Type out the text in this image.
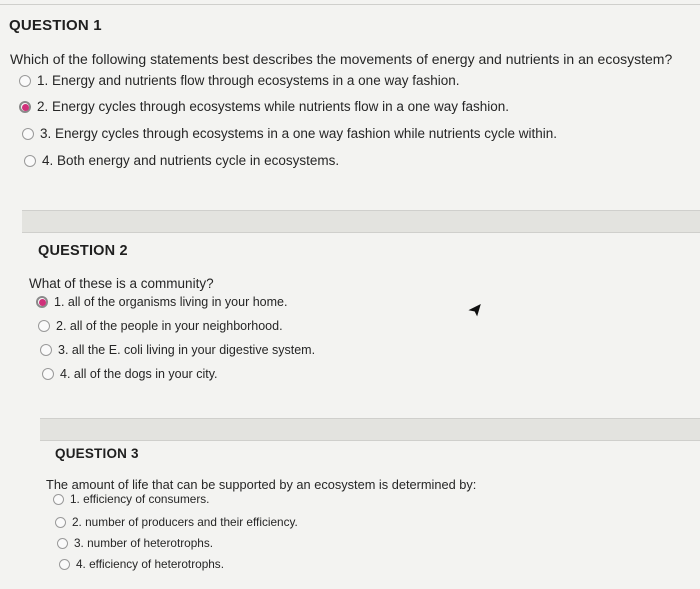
QUESTION 1
Which of the following statements best describes the movements of energy and nutrients in an ecosystem?
1. Energy and nutrients flow through ecosystems in a one way fashion.
2. Energy cycles through ecosystems while nutrients flow in a one way fashion.
3. Energy cycles through ecosystems in a one way fashion while nutrients cycle within.
4. Both energy and nutrients cycle in ecosystems.
QUESTION 2
What of these is a community?
1. all of the organisms living in your home.
2. all of the people in your neighborhood.
3. all the E. coli living in your digestive system.
4. all of the dogs in your city.
QUESTION 3
The amount of life that can be supported by an ecosystem is determined by:
1. efficiency of consumers.
2. number of producers and their efficiency.
3. number of heterotrophs.
4. efficiency of heterotrophs.
